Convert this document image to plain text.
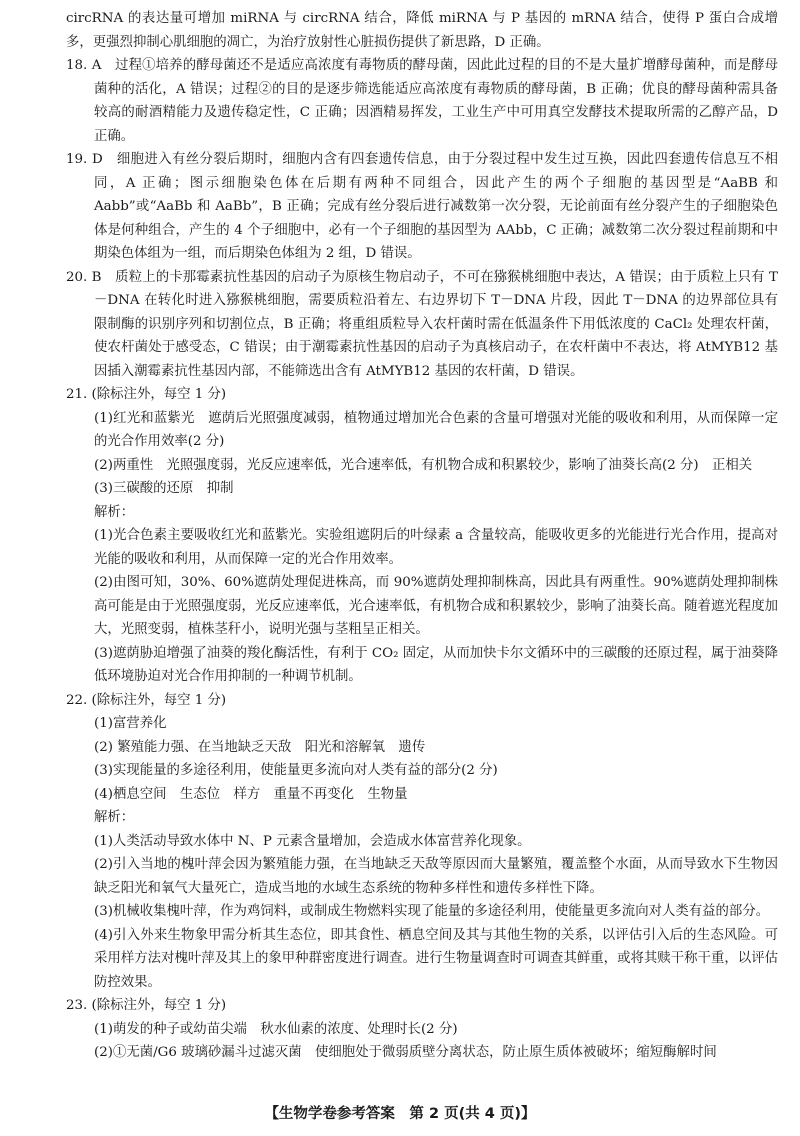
circRNA 的表达量可增加 miRNA 与 circRNA 结合，降低 miRNA 与 P 基因的 mRNA 结合，使得 P 蛋白合成增多，更强烈抑制心肌细胞的凋亡，为治疗放射性心脏损伤提供了新思路，D 正确。

18. A　过程①培养的酵母菌还不是适应高浓度有毒物质的酵母菌，因此此过程的目的不是大量扩增酵母菌种，而是酵母菌种的活化，A 错误；过程②的目的是逐步筛选能适应高浓度有毒物质的酵母菌，B 正确；优良的酵母菌种需具备较高的耐酒精能力及遗传稳定性，C 正确；因酒精易挥发，工业生产中可用真空发酵技术提取所需的乙醇产品，D 正确。

19. D　细胞进入有丝分裂后期时，细胞内含有四套遗传信息，由于分裂过程中发生过互换，因此四套遗传信息互不相同，A 正确；图示细胞染色体在后期有两种不同组合，因此产生的两个子细胞的基因型是“AaBB 和 Aabb”或“AaBb 和 AaBb”，B 正确；完成有丝分裂后进行减数第一次分裂，无论前面有丝分裂产生的子细胞染色体是何种组合，产生的 4 个子细胞中，必有一个子细胞的基因型为 AAbb，C 正确；减数第二次分裂过程前期和中期染色体组为一组，而后期染色体组为 2 组，D 错误。

20. B　质粒上的卡那霉素抗性基因的启动子为原核生物启动子，不可在猕猴桃细胞中表达，A 错误；由于质粒上只有 T－DNA 在转化时进入猕猴桃细胞，需要质粒沿着左、右边界切下 T－DNA 片段，因此 T－DNA 的边界部位具有限制酶的识别序列和切割位点，B 正确；将重组质粒导入农杆菌时需在低温条件下用低浓度的 CaCl₂ 处理农杆菌，使农杆菌处于感受态，C 错误；由于潮霉素抗性基因的启动子为真核启动子，在农杆菌中不表达，将 AtMYB12 基因插入潮霉素抗性基因内部，不能筛选出含有 AtMYB12 基因的农杆菌，D 错误。

21. (除标注外，每空 1 分)

(1)红光和蓝紫光　遮荫后光照强度减弱，植物通过增加光合色素的含量可增强对光能的吸收和利用，从而保障一定的光合作用效率(2 分)

(2)两重性　光照强度弱，光反应速率低，光合速率低，有机物合成和积累较少，影响了油葵长高(2 分)　正相关

(3)三碳酸的还原　抑制

解析：

(1)光合色素主要吸收红光和蓝紫光。实验组遮阴后的叶绿素 a 含量较高，能吸收更多的光能进行光合作用，提高对光能的吸收和利用，从而保障一定的光合作用效率。

(2)由图可知，30%、60%遮荫处理促进株高，而 90%遮荫处理抑制株高，因此具有两重性。90%遮荫处理抑制株高可能是由于光照强度弱，光反应速率低，光合速率低，有机物合成和积累较少，影响了油葵长高。随着遮光程度加大，光照变弱，植株茎秆小，说明光强与茎粗呈正相关。

(3)遮荫胁迫增强了油葵的羧化酶活性，有利于 CO₂ 固定，从而加快卡尔文循环中的三碳酸的还原过程，属于油葵降低环境胁迫对光合作用抑制的一种调节机制。

22. (除标注外，每空 1 分)

(1)富营养化

(2) 繁殖能力强、在当地缺乏天敌　阳光和溶解氧　遗传

(3)实现能量的多途径利用，使能量更多流向对人类有益的部分(2 分)

(4)栖息空间　生态位　样方　重量不再变化　生物量

解析：

(1)人类活动导致水体中 N、P 元素含量增加，会造成水体富营养化现象。

(2)引入当地的槐叶萍会因为繁殖能力强，在当地缺乏天敌等原因而大量繁殖，覆盖整个水面，从而导致水下生物因缺乏阳光和氧气大量死亡，造成当地的水域生态系统的物种多样性和遗传多样性下降。

(3)机械收集槐叶萍，作为鸡饲料，或制成生物燃料实现了能量的多途径利用，使能量更多流向对人类有益的部分。

(4)引入外来生物象甲需分析其生态位，即其食性、栖息空间及其与其他生物的关系，以评估引入后的生态风险。可采用样方法对槐叶萍及其上的象甲种群密度进行调查。进行生物量调查时可调查其鲜重，或将其赎干称干重，以评估防控效果。

23. (除标注外，每空 1 分)

(1)萌发的种子或幼苗尖端　秋水仙素的浓度、处理时长(2 分)

(2)①无菌/G6 玻璃砂漏斗过滤灭菌　使细胞处于微弱质壁分离状态，防止原生质体被破坏；缩短酶解时间

【生物学卷参考答案　第 2 页(共 4 页)】
